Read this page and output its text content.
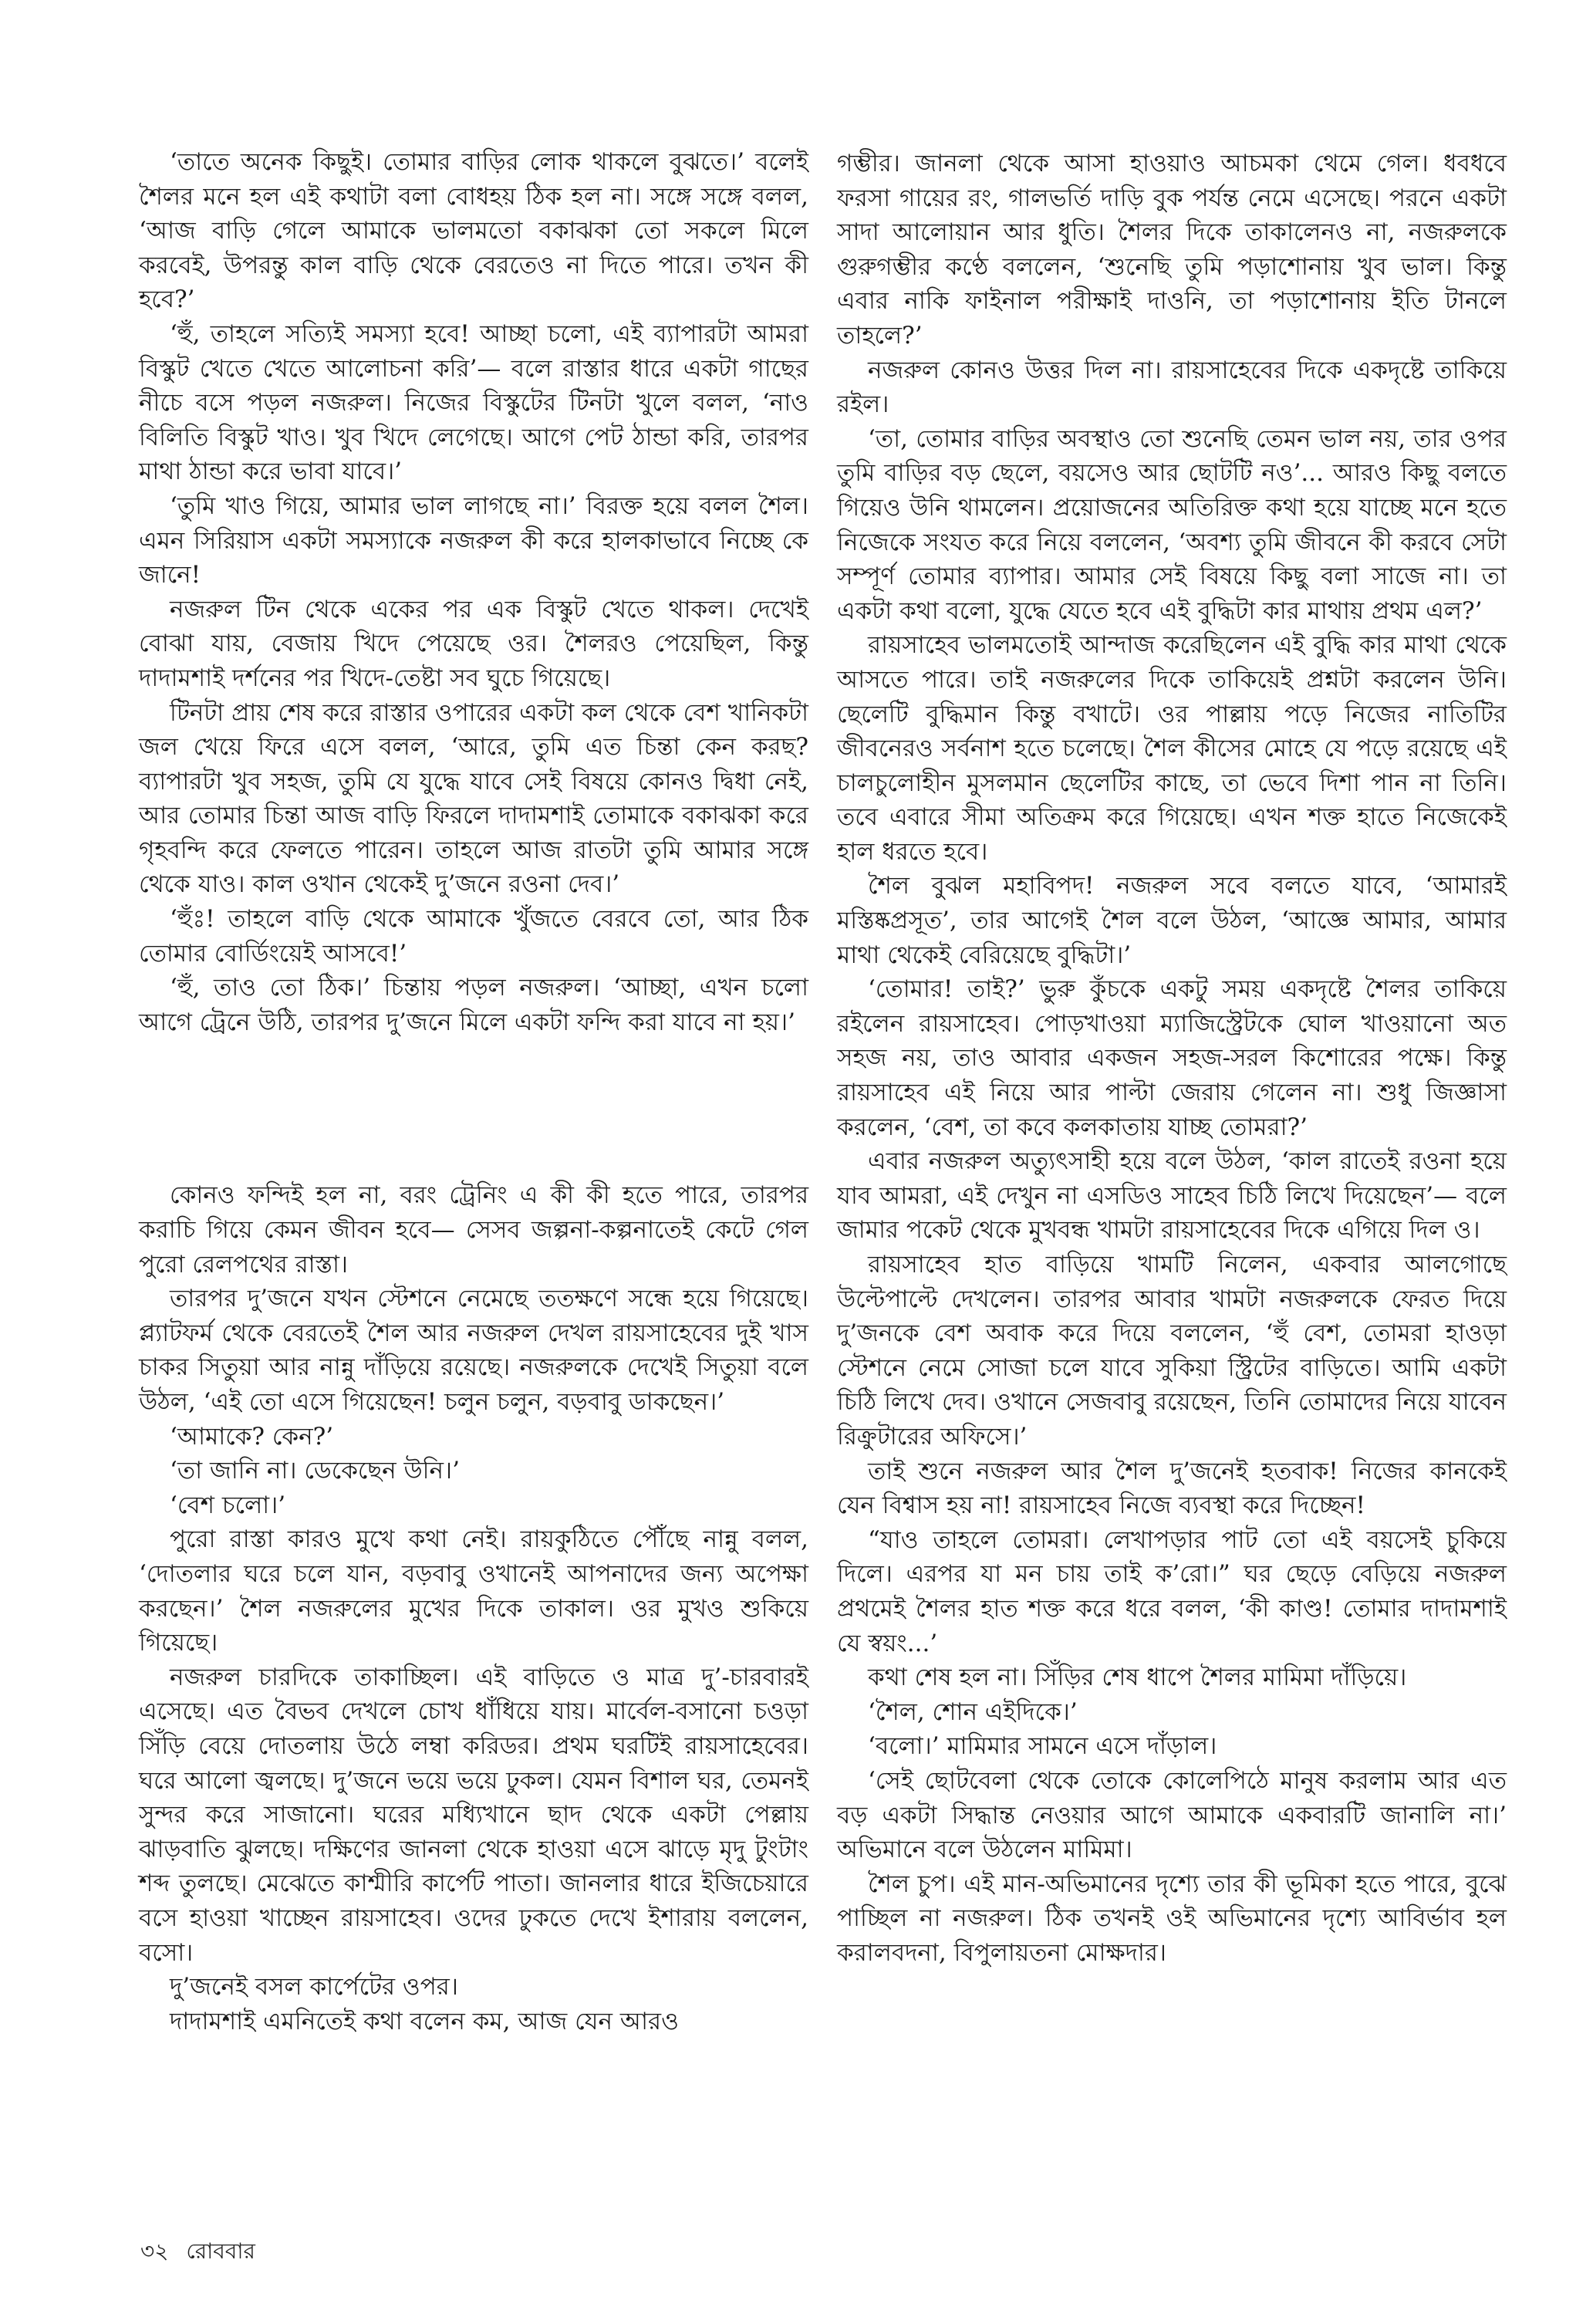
‘তাতে অনেক কিছুই। তোমার বাড়ির লোক থাকলে বুঝতে।’ বলেই শৈলর মনে হল এই কথাটা বলা বোধহয় ঠিক হল না। সঙ্গে সঙ্গে বলল, ‘আজ বাড়ি গেলে আমাকে ভালমতো বকাঝকা তো সকলে মিলে করবেই, উপরন্তু কাল বাড়ি থেকে বেরতেও না দিতে পারে। তখন কী হবে?’

‘হুঁ, তাহলে সত্যিই সমস্যা হবে! আচ্ছা চলো, এই ব্যাপারটা আমরা বিস্কুট খেতে খেতে আলোচনা করি’— বলে রাস্তার ধারে একটা গাছের নীচে বসে পড়ল নজরুল। নিজের বিস্কুটের টিনটা খুলে বলল, ‘নাও বিলিতি বিস্কুট খাও। খুব খিদে লেগেছে। আগে পেট ঠান্ডা করি, তারপর মাথা ঠান্ডা করে ভাবা যাবে।’

‘তুমি খাও গিয়ে, আমার ভাল লাগছে না।’ বিরক্ত হয়ে বলল শৈল। এমন সিরিয়াস একটা সমস্যাকে নজরুল কী করে হালকাভাবে নিচ্ছে কে জানে!

নজরুল টিন থেকে একের পর এক বিস্কুট খেতে থাকল। দেখেই বোঝা যায়, বেজায় খিদে পেয়েছে ওর। শৈলরও পেয়েছিল, কিন্তু দাদামশাই দর্শনের পর খিদে-তেষ্টা সব ঘুচে গিয়েছে।

টিনটা প্রায় শেষ করে রাস্তার ওপারের একটা কল থেকে বেশ খানিকটা জল খেয়ে ফিরে এসে বলল, ‘আরে, তুমি এত চিন্তা কেন করছ? ব্যাপারটা খুব সহজ, তুমি যে যুদ্ধে যাবে সেই বিষয়ে কোনও দ্বিধা নেই, আর তোমার চিন্তা আজ বাড়ি ফিরলে দাদামশাই তোমাকে বকাঝকা করে গৃহবন্দি করে ফেলতে পারেন। তাহলে আজ রাতটা তুমি আমার সঙ্গে থেকে যাও। কাল ওখান থেকেই দু’জনে রওনা দেব।’

‘হুঁঃ! তাহলে বাড়ি থেকে আমাকে খুঁজতে বেরবে তো, আর ঠিক তোমার বোর্ডিংয়েই আসবে!’

‘হুঁ, তাও তো ঠিক।’ চিন্তায় পড়ল নজরুল। ‘আচ্ছা, এখন চলো আগে ট্রেনে উঠি, তারপর দু’জনে মিলে একটা ফন্দি করা যাবে না হয়।’

কোনও ফন্দিই হল না, বরং ট্রেনিং এ কী কী হতে পারে, তারপর করাচি গিয়ে কেমন জীবন হবে— সেসব জল্পনা-কল্পনাতেই কেটে গেল পুরো রেলপথের রাস্তা।

তারপর দু’জনে যখন স্টেশনে নেমেছে ততক্ষণে সন্ধে হয়ে গিয়েছে। প্ল্যাটফর্ম থেকে বেরতেই শৈল আর নজরুল দেখল রায়সাহেবের দুই খাস চাকর সিতুয়া আর নান্নু দাঁড়িয়ে রয়েছে। নজরুলকে দেখেই সিতুয়া বলে উঠল, ‘এই তো এসে গিয়েছেন! চলুন চলুন, বড়বাবু ডাকছেন।’

‘আমাকে? কেন?’

‘তা জানি না। ডেকেছেন উনি।’

‘বেশ চলো।’

পুরো রাস্তা কারও মুখে কথা নেই। রায়কুঠিতে পৌঁছে নান্নু বলল, ‘দোতলার ঘরে চলে যান, বড়বাবু ওখানেই আপনাদের জন্য অপেক্ষা করছেন।’ শৈল নজরুলের মুখের দিকে তাকাল। ওর মুখও শুকিয়ে গিয়েছে।

নজরুল চারদিকে তাকাচ্ছিল। এই বাড়িতে ও মাত্র দু’-চারবারই এসেছে। এত বৈভব দেখলে চোখ ধাঁধিয়ে যায়। মার্বেল-বসানো চওড়া সিঁড়ি বেয়ে দোতলায় উঠে লম্বা করিডর। প্রথম ঘরটিই রায়সাহেবের। ঘরে আলো জ্বলছে। দু’জনে ভয়ে ভয়ে ঢুকল। যেমন বিশাল ঘর, তেমনই সুন্দর করে সাজানো। ঘরের মধ্যিখানে ছাদ থেকে একটা পেল্লায় ঝাড়বাতি ঝুলছে। দক্ষিণের জানলা থেকে হাওয়া এসে ঝাড়ে মৃদু টুংটাং শব্দ তুলছে। মেঝেতে কাশ্মীরি কার্পেট পাতা। জানলার ধারে ইজিচেয়ারে বসে হাওয়া খাচ্ছেন রায়সাহেব। ওদের ঢুকতে দেখে ইশারায় বললেন, বসো।

দু’জনেই বসল কার্পেটের ওপর।

দাদামশাই এমনিতেই কথা বলেন কম, আজ যেন আরও

গম্ভীর। জানলা থেকে আসা হাওয়াও আচমকা থেমে গেল। ধবধবে ফরসা গায়ের রং, গালভর্তি দাড়ি বুক পর্যন্ত নেমে এসেছে। পরনে একটা সাদা আলোয়ান আর ধুতি। শৈলর দিকে তাকালেনও না, নজরুলকে গুরুগম্ভীর কণ্ঠে বললেন, ‘শুনেছি তুমি পড়াশোনায় খুব ভাল। কিন্তু এবার নাকি ফাইনাল পরীক্ষাই দাওনি, তা পড়াশোনায় ইতি টানলে তাহলে?’

নজরুল কোনও উত্তর দিল না। রায়সাহেবের দিকে একদৃষ্টে তাকিয়ে রইল।

‘তা, তোমার বাড়ির অবস্থাও তো শুনেছি তেমন ভাল নয়, তার ওপর তুমি বাড়ির বড় ছেলে, বয়সেও আর ছোটটি নও’... আরও কিছু বলতে গিয়েও উনি থামলেন। প্রয়োজনের অতিরিক্ত কথা হয়ে যাচ্ছে মনে হতে নিজেকে সংযত করে নিয়ে বললেন, ‘অবশ্য তুমি জীবনে কী করবে সেটা সম্পূর্ণ তোমার ব্যাপার। আমার সেই বিষয়ে কিছু বলা সাজে না। তা একটা কথা বলো, যুদ্ধে যেতে হবে এই বুদ্ধিটা কার মাথায় প্রথম এল?’

রায়সাহেব ভালমতোই আন্দাজ করেছিলেন এই বুদ্ধি কার মাথা থেকে আসতে পারে। তাই নজরুলের দিকে তাকিয়েই প্রশ্নটা করলেন উনি। ছেলেটি বুদ্ধিমান কিন্তু বখাটে। ওর পাল্লায় পড়ে নিজের নাতিটির জীবনেরও সর্বনাশ হতে চলেছে। শৈল কীসের মোহে যে পড়ে রয়েছে এই চালচুলোহীন মুসলমান ছেলেটির কাছে, তা ভেবে দিশা পান না তিনি। তবে এবারে সীমা অতিক্রম করে গিয়েছে। এখন শক্ত হাতে নিজেকেই হাল ধরতে হবে।

শৈল বুঝল মহাবিপদ! নজরুল সবে বলতে যাবে, ‘আমারই মস্তিষ্কপ্রসূত’, তার আগেই শৈল বলে উঠল, ‘আজ্ঞে আমার, আমার মাথা থেকেই বেরিয়েছে বুদ্ধিটা।’

‘তোমার! তাই?’ ভুরু কুঁচকে একটু সময় একদৃষ্টে শৈলর তাকিয়ে রইলেন রায়সাহেব। পোড়খাওয়া ম্যাজিস্ট্রেটকে ঘোল খাওয়ানো অত সহজ নয়, তাও আবার একজন সহজ-সরল কিশোরের পক্ষে। কিন্তু রায়সাহেব এই নিয়ে আর পাল্টা জেরায় গেলেন না। শুধু জিজ্ঞাসা করলেন, ‘বেশ, তা কবে কলকাতায় যাচ্ছ তোমরা?’

এবার নজরুল অত্যুৎসাহী হয়ে বলে উঠল, ‘কাল রাতেই রওনা হয়ে যাব আমরা, এই দেখুন না এসডিও সাহেব চিঠি লিখে দিয়েছেন’— বলে জামার পকেট থেকে মুখবন্ধ খামটা রায়সাহেবের দিকে এগিয়ে দিল ও।

রায়সাহেব হাত বাড়িয়ে খামটি নিলেন, একবার আলগোছে উল্টেপাল্টে দেখলেন। তারপর আবার খামটা নজরুলকে ফেরত দিয়ে দু’জনকে বেশ অবাক করে দিয়ে বললেন, ‘হুঁ বেশ, তোমরা হাওড়া স্টেশনে নেমে সোজা চলে যাবে সুকিয়া স্ট্রিটের বাড়িতে। আমি একটা চিঠি লিখে দেব। ওখানে সেজবাবু রয়েছেন, তিনি তোমাদের নিয়ে যাবেন রিক্রুটারের অফিসে।’

তাই শুনে নজরুল আর শৈল দু’জনেই হতবাক! নিজের কানকেই যেন বিশ্বাস হয় না! রায়সাহেব নিজে ব্যবস্থা করে দিচ্ছেন!

“যাও তাহলে তোমরা। লেখাপড়ার পাট তো এই বয়সেই চুকিয়ে দিলে। এরপর যা মন চায় তাই ক’রো।” ঘর ছেড়ে বেড়িয়ে নজরুল প্রথমেই শৈলর হাত শক্ত করে ধরে বলল, ‘কী কাণ্ড! তোমার দাদামশাই যে স্বয়ং...’

কথা শেষ হল না। সিঁড়ির শেষ ধাপে শৈলর মামিমা দাঁড়িয়ে।

‘শৈল, শোন এইদিকে।’

‘বলো।’ মামিমার সামনে এসে দাঁড়াল।

‘সেই ছোটবেলা থেকে তোকে কোলেপিঠে মানুষ করলাম আর এত বড় একটা সিদ্ধান্ত নেওয়ার আগে আমাকে একবারটি জানালি না।’ অভিমানে বলে উঠলেন মামিমা।

শৈল চুপ। এই মান-অভিমানের দৃশ্যে তার কী ভূমিকা হতে পারে, বুঝে পাচ্ছিল না নজরুল। ঠিক তখনই ওই অভিমানের দৃশ্যে আবির্ভাব হল করালবদনা, বিপুলায়তনা মোক্ষদার।

৩২ রোববার
